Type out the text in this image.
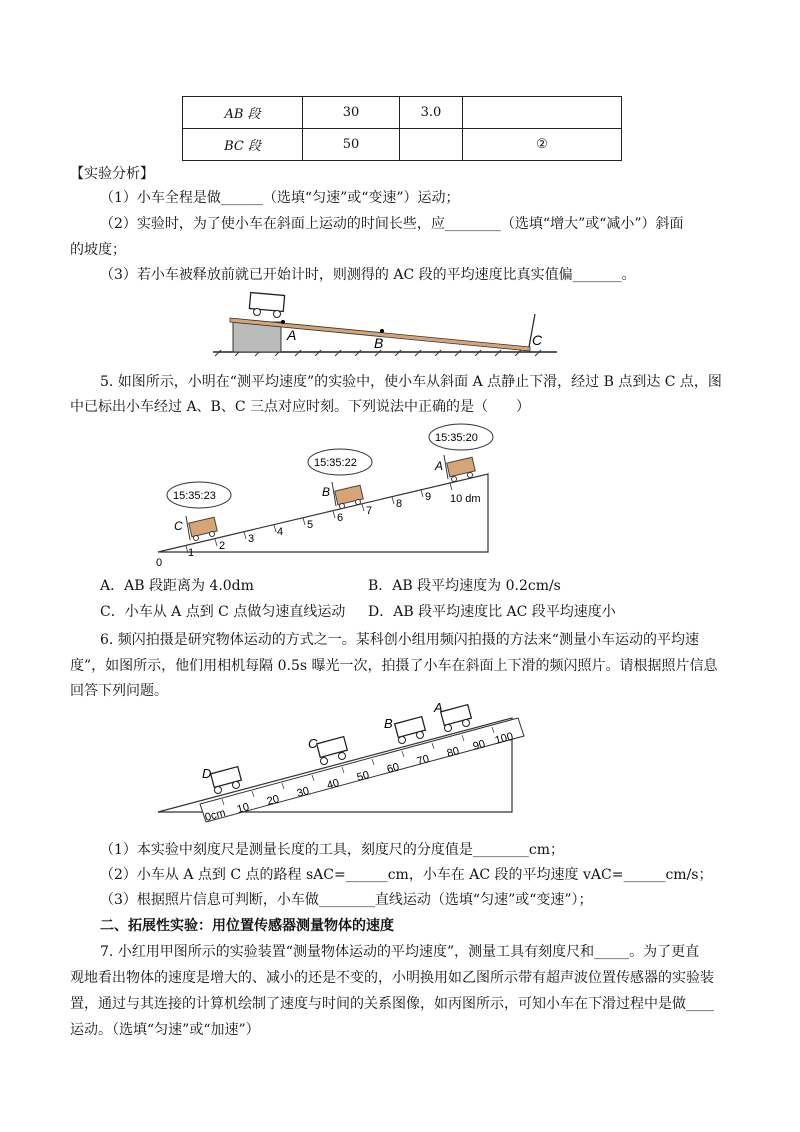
AB 段	30	3.0	
BC 段	50		②
【实验分析】
（1）小车全程是做______（选填“匀速”或“变速”）运动；
（2）实验时，为了使小车在斜面上运动的时间长些，应________（选填“增大”或“减小”）斜面
的坡度；
（3）若小车被释放前就已开始计时，则测得的 AC 段的平均速度比真实值偏_______。
A	B	C
5. 如图所示，小明在“测平均速度”的实验中，使小车从斜面 A 点静止下滑，经过 B 点到达 C 点，图
中已标出小车经过 A、B、C 三点对应时刻。下列说法中正确的是（　　）
0
1
2
3
4
5
6
7
8
9 10 dm
C
B
A
15:35:23
15:35:22
15:35:20
A．AB 段距离为 4.0dm	B．AB 段平均速度为 0.2cm/s
C．小车从 A 点到 C 点做匀速直线运动 D．AB 段平均速度比 AC 段平均速度小
6. 频闪拍摄是研究物体运动的方式之一。某科创小组用频闪拍摄的方法来“测量小车运动的平均速
度”，如图所示，他们用相机每隔 0.5s 曝光一次，拍摄了小车在斜面上下滑的频闪照片。请根据照片信息
回答下列问题。
0cm 10
20
30
40
50
60
70
80 90 100
A
B
C
D
（1）本实验中刻度尺是测量长度的工具，刻度尺的分度值是________cm；
（2）小车从 A 点到 C 点的路程 sAC=______cm，小车在 AC 段的平均速度 vAC=______cm/s；
（3）根据照片信息可判断，小车做________直线运动（选填“匀速”或“变速”）；
二、拓展性实验：用位置传感器测量物体的速度
7. 小红用甲图所示的实验装置“测量物体运动的平均速度”，测量工具有刻度尺和_____。为了更直
观地看出物体的速度是增大的、减小的还是不变的，小明换用如乙图所示带有超声波位置传感器的实验装
置，通过与其连接的计算机绘制了速度与时间的关系图像，如丙图所示，可知小车在下滑过程中是做____
运动。（选填“匀速”或“加速”）
